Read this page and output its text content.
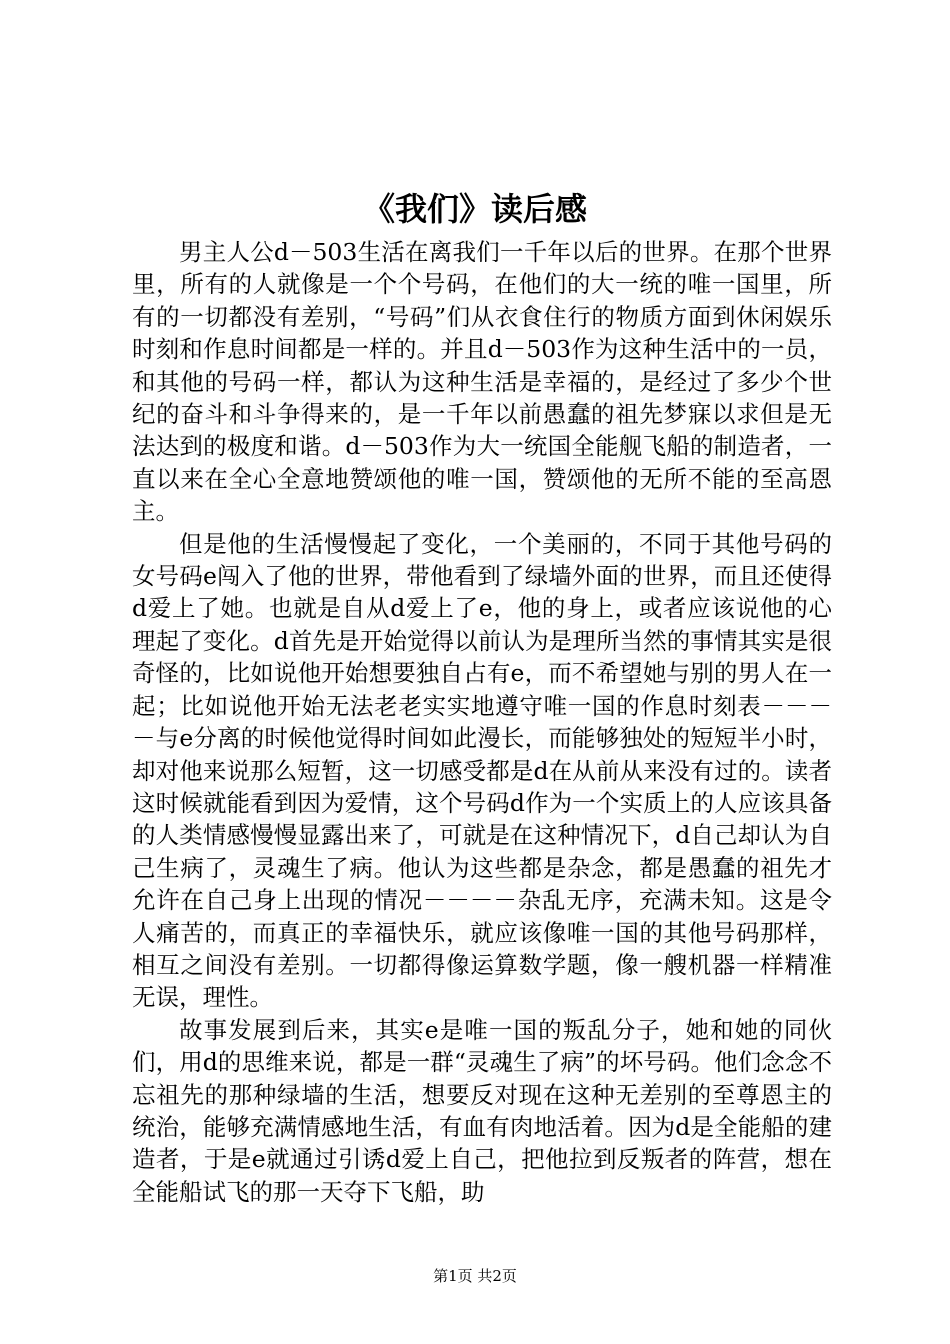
《我们》读后感

男主人公d－503生活在离我们一千年以后的世界。在那个世界里，所有的人就像是一个个号码，在他们的大一统的唯一国里，所有的一切都没有差别，“号码”们从衣食住行的物质方面到休闲娱乐时刻和作息时间都是一样的。并且d－503作为这种生活中的一员，和其他的号码一样，都认为这种生活是幸福的，是经过了多少个世纪的奋斗和斗争得来的，是一千年以前愚蠢的祖先梦寐以求但是无法达到的极度和谐。d－503作为大一统国全能舰飞船的制造者，一直以来在全心全意地赞颂他的唯一国，赞颂他的无所不能的至高恩主。

但是他的生活慢慢起了变化，一个美丽的，不同于其他号码的女号码e闯入了他的世界，带他看到了绿墙外面的世界，而且还使得d爱上了她。也就是自从d爱上了e，他的身上，或者应该说他的心理起了变化。d首先是开始觉得以前认为是理所当然的事情其实是很奇怪的，比如说他开始想要独自占有e，而不希望她与别的男人在一起；比如说他开始无法老老实实地遵守唯一国的作息时刻表－－－－与e分离的时候他觉得时间如此漫长，而能够独处的短短半小时，却对他来说那么短暂，这一切感受都是d在从前从来没有过的。读者这时候就能看到因为爱情，这个号码d作为一个实质上的人应该具备的人类情感慢慢显露出来了，可就是在这种情况下，d自己却认为自己生病了，灵魂生了病。他认为这些都是杂念，都是愚蠢的祖先才允许在自己身上出现的情况－－－－杂乱无序，充满未知。这是令人痛苦的，而真正的幸福快乐，就应该像唯一国的其他号码那样，相互之间没有差别。一切都得像运算数学题，像一艘机器一样精准无误，理性。

故事发展到后来，其实e是唯一国的叛乱分子，她和她的同伙们，用d的思维来说，都是一群“灵魂生了病”的坏号码。他们念念不忘祖先的那种绿墙的生活，想要反对现在这种无差别的至尊恩主的统治，能够充满情感地生活，有血有肉地活着。因为d是全能船的建造者，于是e就通过引诱d爱上自己，把他拉到反叛者的阵营，想在全能船试飞的那一天夺下飞船，助

第1页 共2页
